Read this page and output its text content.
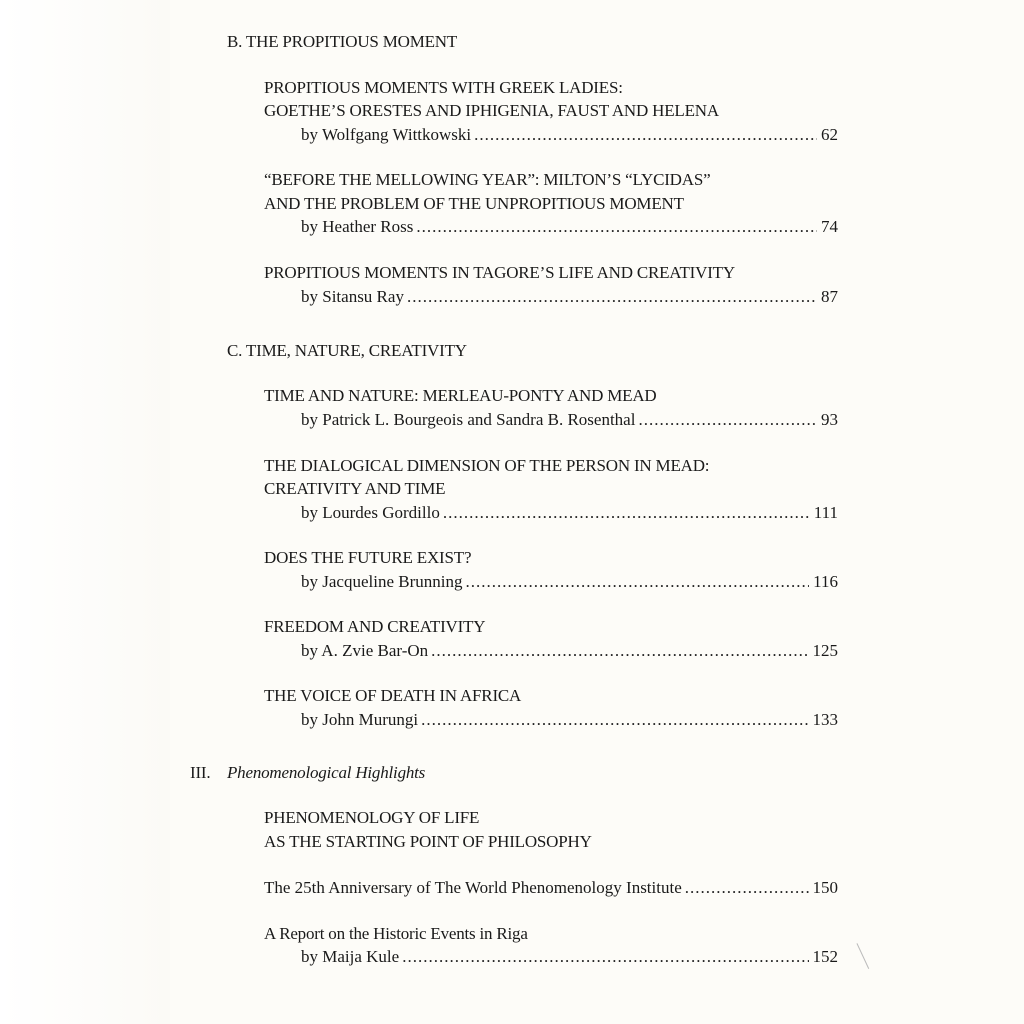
B. THE PROPITIOUS MOMENT
PROPITIOUS MOMENTS WITH GREEK LADIES:
GOETHE’S ORESTES AND IPHIGENIA, FAUST AND HELENA
by Wolfgang Wittkowski .....	62
“BEFORE THE MELLOWING YEAR”: MILTON’S “LYCIDAS”
AND THE PROBLEM OF THE UNPROPITIOUS MOMENT
by Heather Ross .....	74
PROPITIOUS MOMENTS IN TAGORE’S LIFE AND CREATIVITY
by Sitansu Ray .....	87
C. TIME, NATURE, CREATIVITY
TIME AND NATURE: MERLEAU-PONTY AND MEAD
by Patrick L. Bourgeois and Sandra B. Rosenthal .....	93
THE DIALOGICAL DIMENSION OF THE PERSON IN MEAD:
CREATIVITY AND TIME
by Lourdes Gordillo .....	111
DOES THE FUTURE EXIST?
by Jacqueline Brunning .....	116
FREEDOM AND CREATIVITY
by A. Zvie Bar-On .....	125
THE VOICE OF DEATH IN AFRICA
by John Murungi .....	133
III. Phenomenological Highlights
PHENOMENOLOGY OF LIFE
AS THE STARTING POINT OF PHILOSOPHY
The 25th Anniversary of The World Phenomenology Institute .....	150
A Report on the Historic Events in Riga
by Maija Kule .....	152
